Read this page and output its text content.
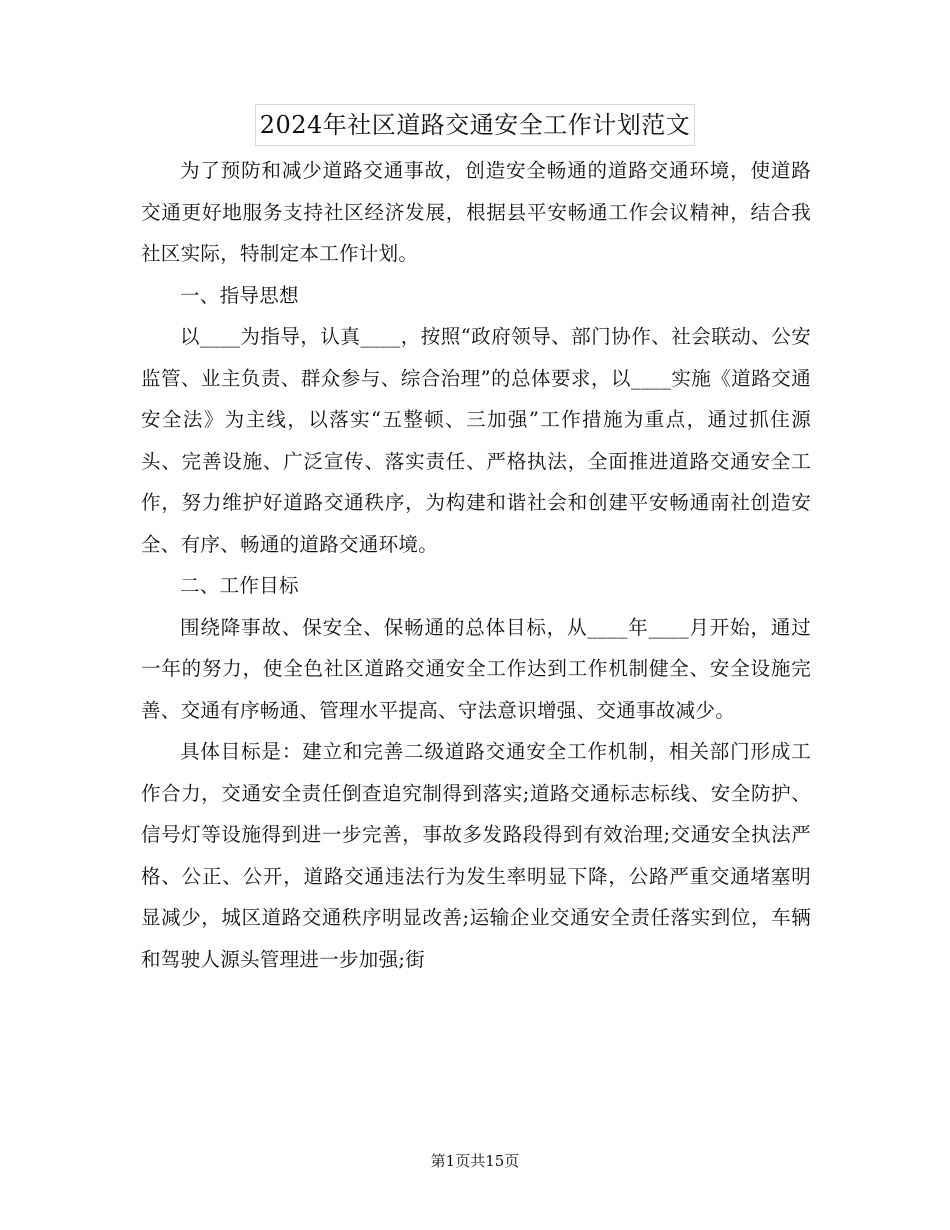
2024年社区道路交通安全工作计划范文

为了预防和减少道路交通事故，创造安全畅通的道路交通环境，使道路交通更好地服务支持社区经济发展，根据县平安畅通工作会议精神，结合我社区实际，特制定本工作计划。

一、指导思想

以____为指导，认真____，按照“政府领导、部门协作、社会联动、公安监管、业主负责、群众参与、综合治理”的总体要求，以____实施《道路交通安全法》为主线，以落实“五整顿、三加强”工作措施为重点，通过抓住源头、完善设施、广泛宣传、落实责任、严格执法，全面推进道路交通安全工作，努力维护好道路交通秩序，为构建和谐社会和创建平安畅通南社创造安全、有序、畅通的道路交通环境。

二、工作目标

围绕降事故、保安全、保畅通的总体目标，从____年____月开始，通过一年的努力，使全色社区道路交通安全工作达到工作机制健全、安全设施完善、交通有序畅通、管理水平提高、守法意识增强、交通事故减少。

具体目标是：建立和完善二级道路交通安全工作机制，相关部门形成工作合力，交通安全责任倒查追究制得到落实;道路交通标志标线、安全防护、信号灯等设施得到进一步完善，事故多发路段得到有效治理;交通安全执法严格、公正、公开，道路交通违法行为发生率明显下降，公路严重交通堵塞明显减少，城区道路交通秩序明显改善;运输企业交通安全责任落实到位，车辆和驾驶人源头管理进一步加强;街

第1页共15页
